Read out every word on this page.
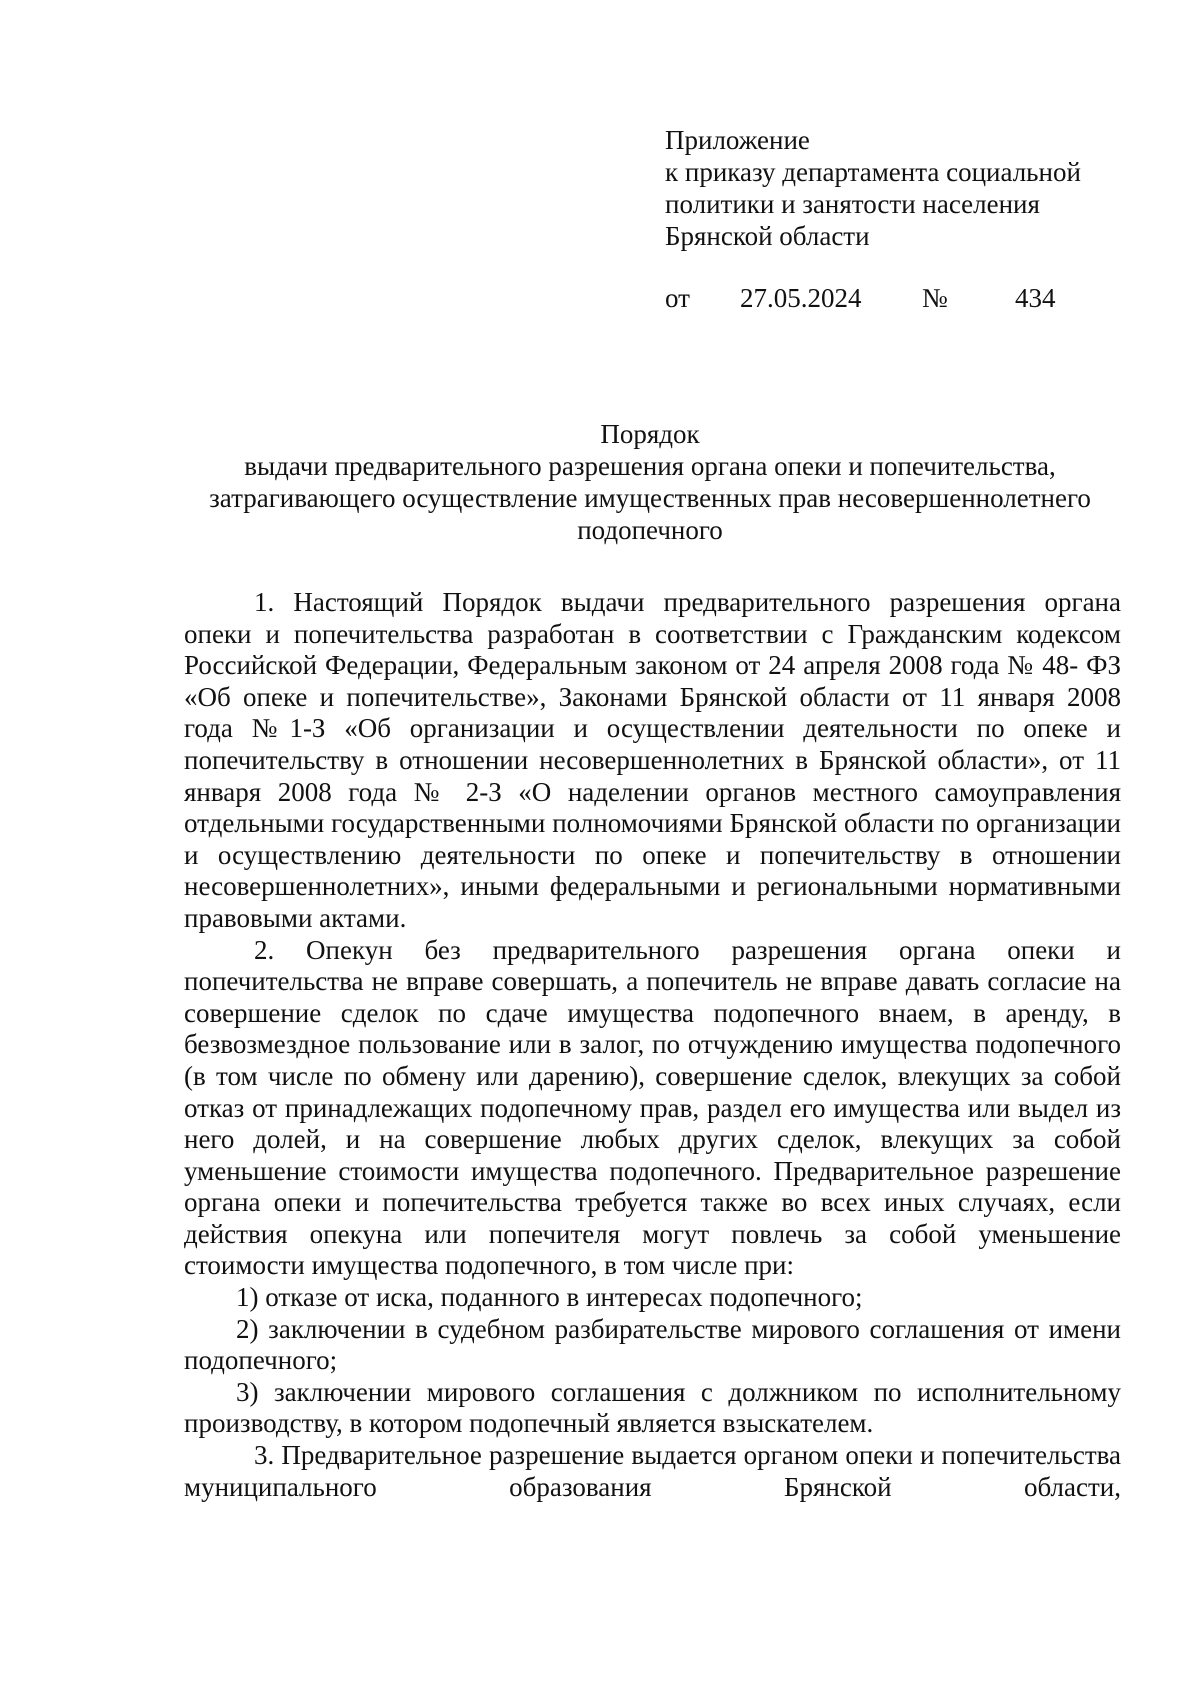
Приложение
к приказу департамента социальной
политики и занятости населения
Брянской области
от 27.05.2024 № 434
Порядок
выдачи предварительного разрешения органа опеки и попечительства,
затрагивающего осуществление имущественных прав несовершеннолетнего
подопечного

1. Настоящий Порядок выдачи предварительного разрешения органа опеки и попечительства разработан в соответствии с Гражданским кодексом Российской Федерации, Федеральным законом от 24 апреля 2008 года № 48- ФЗ «Об опеке и попечительстве», Законами Брянской области от 11 января 2008 года №1-З «Об организации и осуществлении деятельности по опеке и попечительству в отношении несовершеннолетних в Брянской области», от 11 января 2008 года № 2-З «О наделении органов местного самоуправления отдельными государственными полномочиями Брянской области по организации и осуществлению деятельности по опеке и попечительству в отношении несовершеннолетних», иными федеральными и региональными нормативными правовыми актами.

2. Опекун без предварительного разрешения органа опеки и попечительства не вправе совершать, а попечитель не вправе давать согласие на совершение сделок по сдаче имущества подопечного внаем, в аренду, в безвозмездное пользование или в залог, по отчуждению имущества подопечного (в том числе по обмену или дарению), совершение сделок, влекущих за собой отказ от принадлежащих подопечному прав, раздел его имущества или выдел из него долей, и на совершение любых других сделок, влекущих за собой уменьшение стоимости имущества подопечного. Предварительное разрешение органа опеки и попечительства требуется также во всех иных случаях, если действия опекуна или попечителя могут повлечь за собой уменьшение стоимости имущества подопечного, в том числе при:

1) отказе от иска, поданного в интересах подопечного;

2) заключении в судебном разбирательстве мирового соглашения от имени подопечного;

3) заключении мирового соглашения с должником по исполнительному производству, в котором подопечный является взыскателем.

3. Предварительное разрешение выдается органом опеки и попечительства муниципального образования Брянской области,
